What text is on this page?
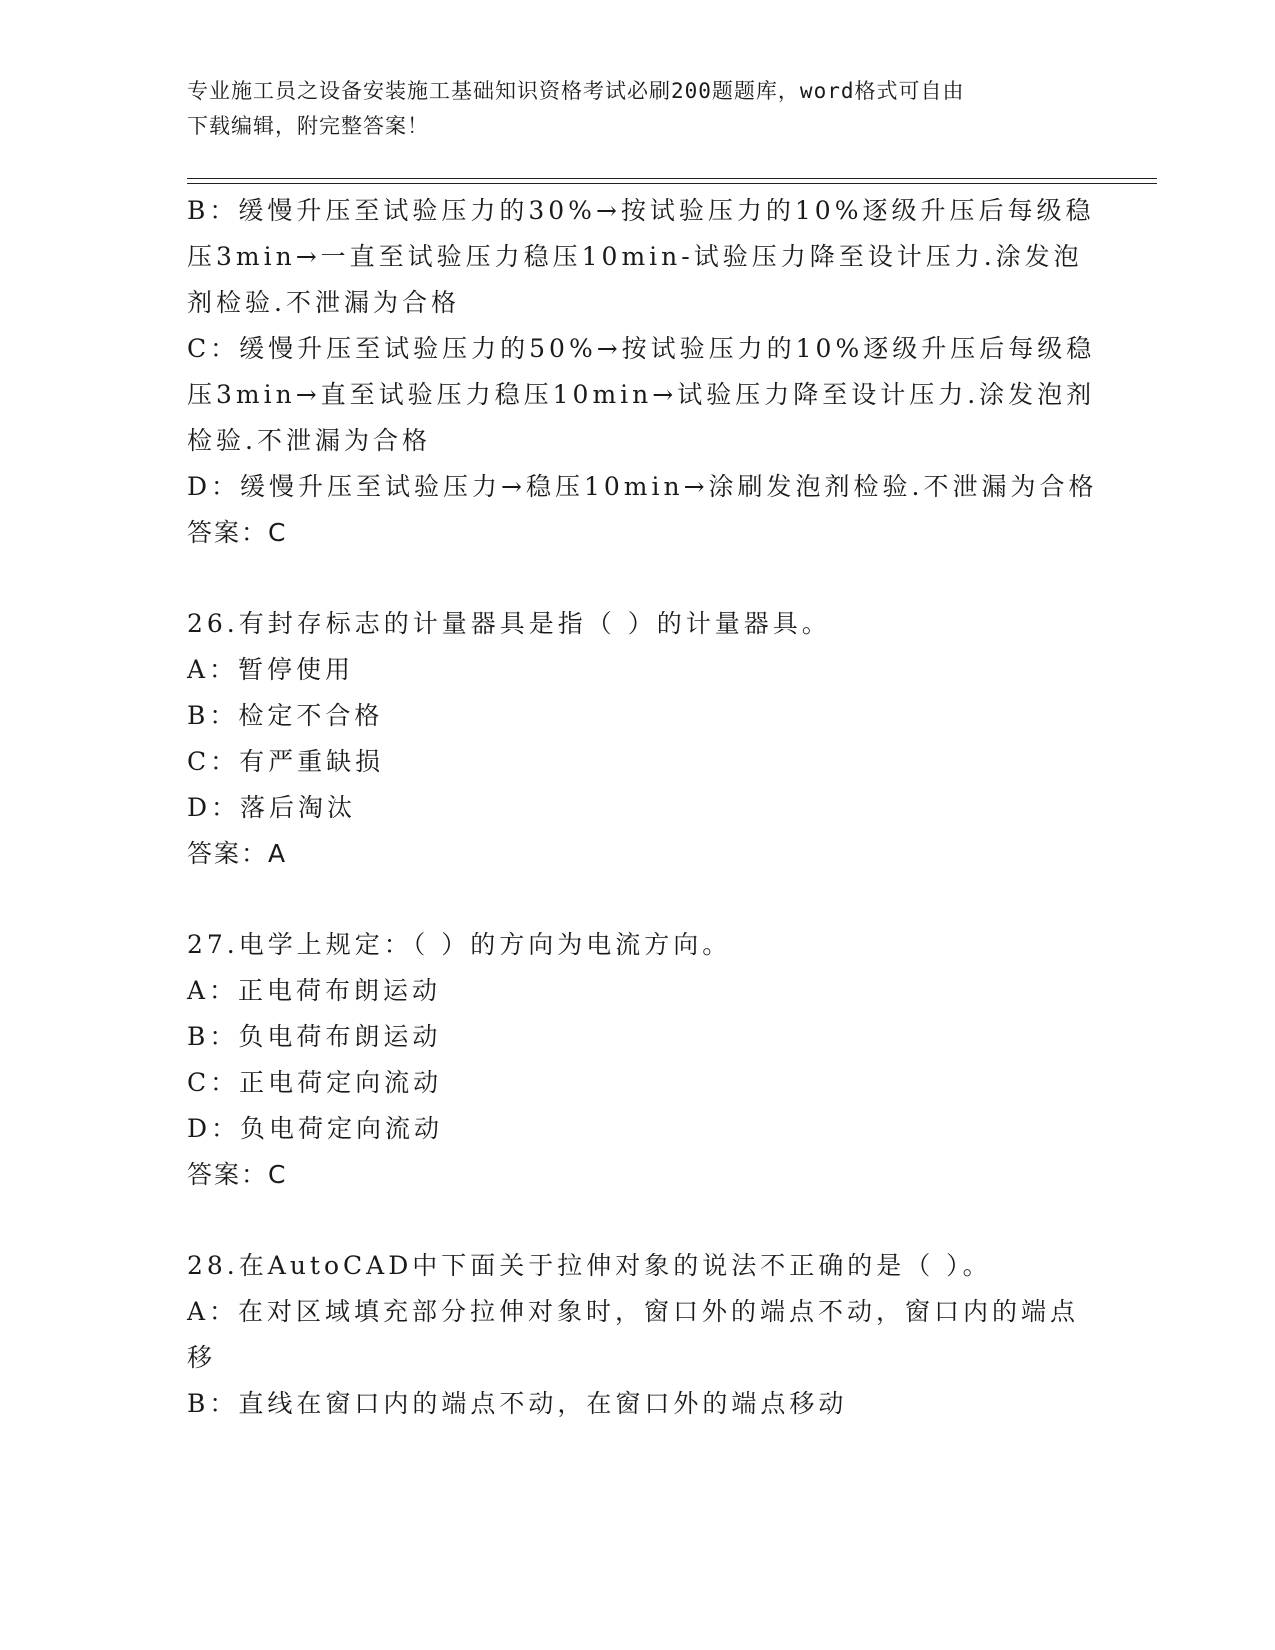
专业施工员之设备安装施工基础知识资格考试必刷200题题库，word格式可自由
下载编辑，附完整答案！
B：缓慢升压至试验压力的30%→按试验压力的10%逐级升压后每级稳
压3min→一直至试验压力稳压10min-试验压力降至设计压力.涂发泡
剂检验.不泄漏为合格
C：缓慢升压至试验压力的50%→按试验压力的10%逐级升压后每级稳
压3min→直至试验压力稳压10min→试验压力降至设计压力.涂发泡剂
检验.不泄漏为合格
D：缓慢升压至试验压力→稳压10min→涂刷发泡剂检验.不泄漏为合格
答案：C
26.有封存标志的计量器具是指（ ）的计量器具。
A：暂停使用
B：检定不合格
C：有严重缺损
D：落后淘汰
答案：A
27.电学上规定：（ ）的方向为电流方向。
A：正电荷布朗运动
B：负电荷布朗运动
C：正电荷定向流动
D：负电荷定向流动
答案：C
28.在AutoCAD中下面关于拉伸对象的说法不正确的是（ ）。
A：在对区域填充部分拉伸对象时，窗口外的端点不动，窗口内的端点
移
B：直线在窗口内的端点不动，在窗口外的端点移动
